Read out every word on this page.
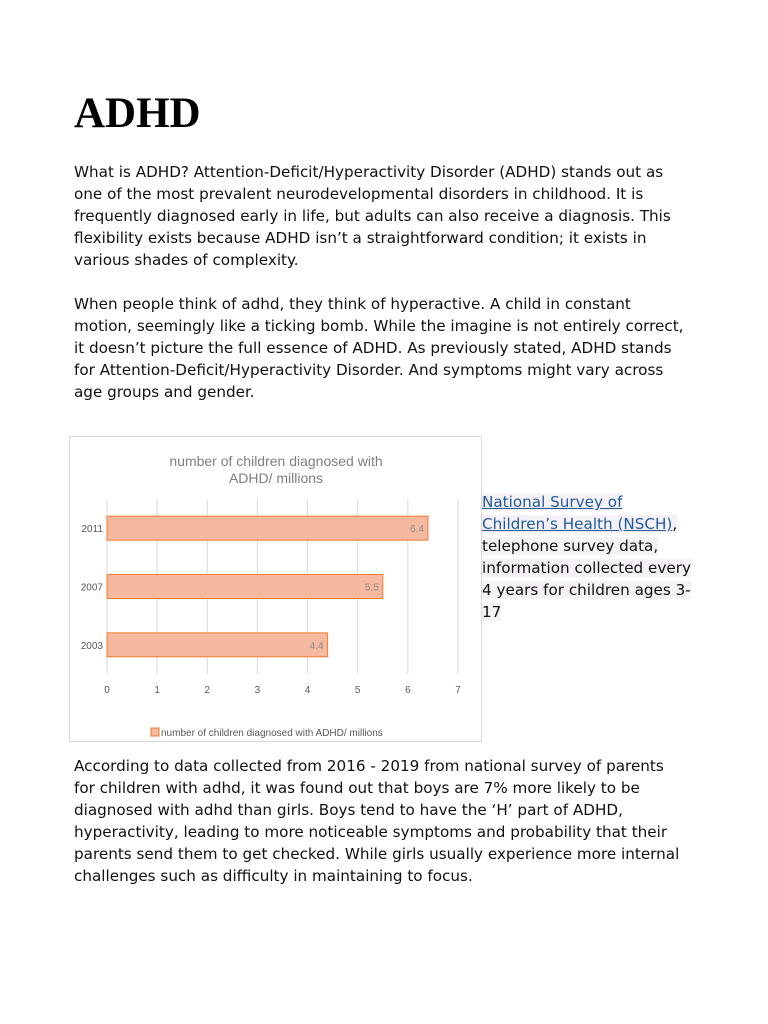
ADHD

What is ADHD? Attention-Deficit/Hyperactivity Disorder (ADHD) stands out as one of the most prevalent neurodevelopmental disorders in childhood. It is frequently diagnosed early in life, but adults can also receive a diagnosis. This flexibility exists because ADHD isn’t a straightforward condition; it exists in various shades of complexity.

When people think of adhd, they think of hyperactive. A child in constant motion, seemingly like a ticking bomb. While the imagine is not entirely correct, it doesn’t picture the full essence of ADHD. As previously stated, ADHD stands for Attention-Deficit/Hyperactivity Disorder. And symptoms might vary across age groups and gender.

number of children diagnosed with
ADHD/ millions
0	1	2	3	4	5	6	7
2011	6.4
2007	5.5
2003	4.4
number of children diagnosed with ADHD/ millions

National Survey of Children’s Health (NSCH), telephone survey data, information collected every 4 years for children ages 3-17

According to data collected from 2016 - 2019 from national survey of parents for children with adhd, it was found out that boys are 7% more likely to be diagnosed with adhd than girls. Boys tend to have the ‘H’ part of ADHD, hyperactivity, leading to more noticeable symptoms and probability that their parents send them to get checked. While girls usually experience more internal challenges such as difficulty in maintaining to focus.
